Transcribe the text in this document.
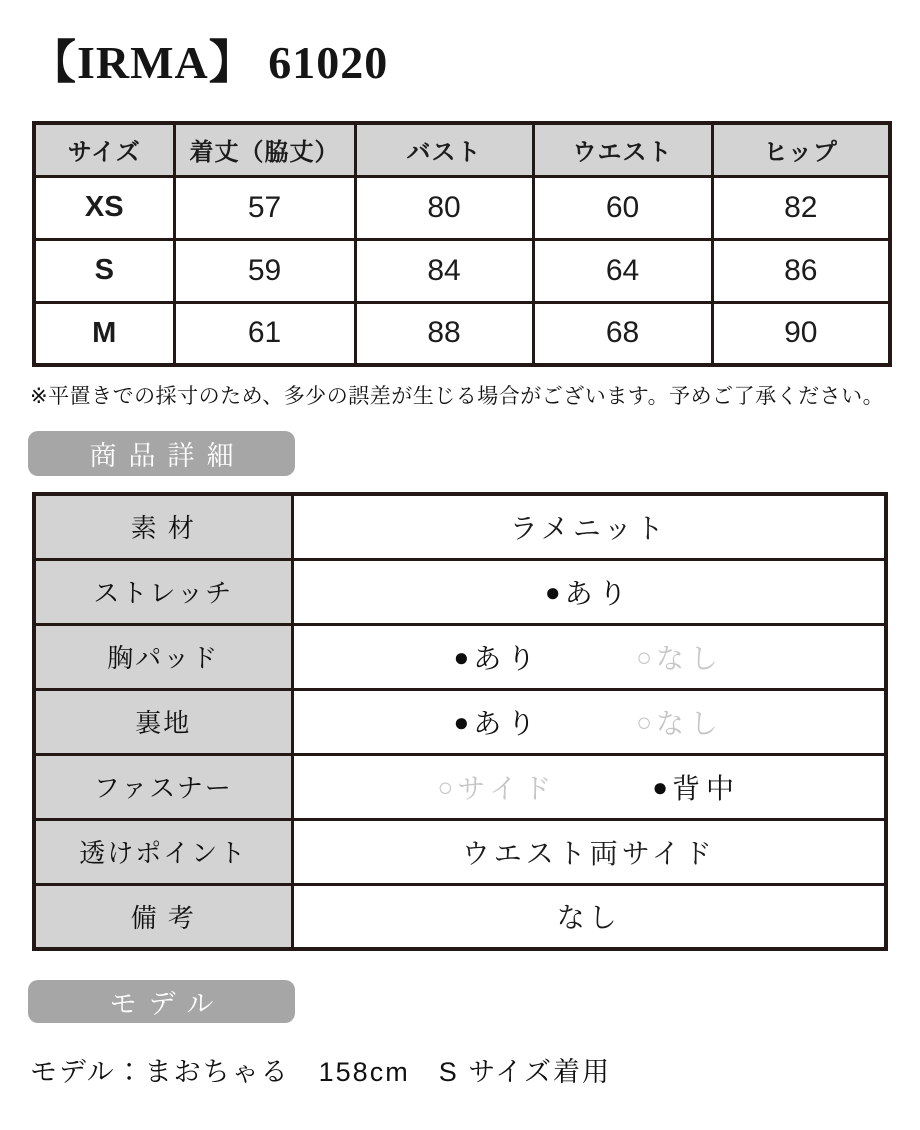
【IRMA】 61020
サイズ	着丈（脇丈）	バスト	ウエスト	ヒップ
XS	57	80	60	82
S	59	84	64	86
M	61	88	68	90

※平置きでの採寸のため、多少の誤差が生じる場合がございます。予めご了承ください。

商品詳細
素 材	ラメニット
ストレッチ	● あり

胸パッド	● あり ○ なし

裏地	● あり ○ なし

ファスナー	○ サイド ● 背中

透けポイント	ウエスト両サイド
備 考	なし
モデル

モデル：まおちゃる　158cm　S サイズ着用
